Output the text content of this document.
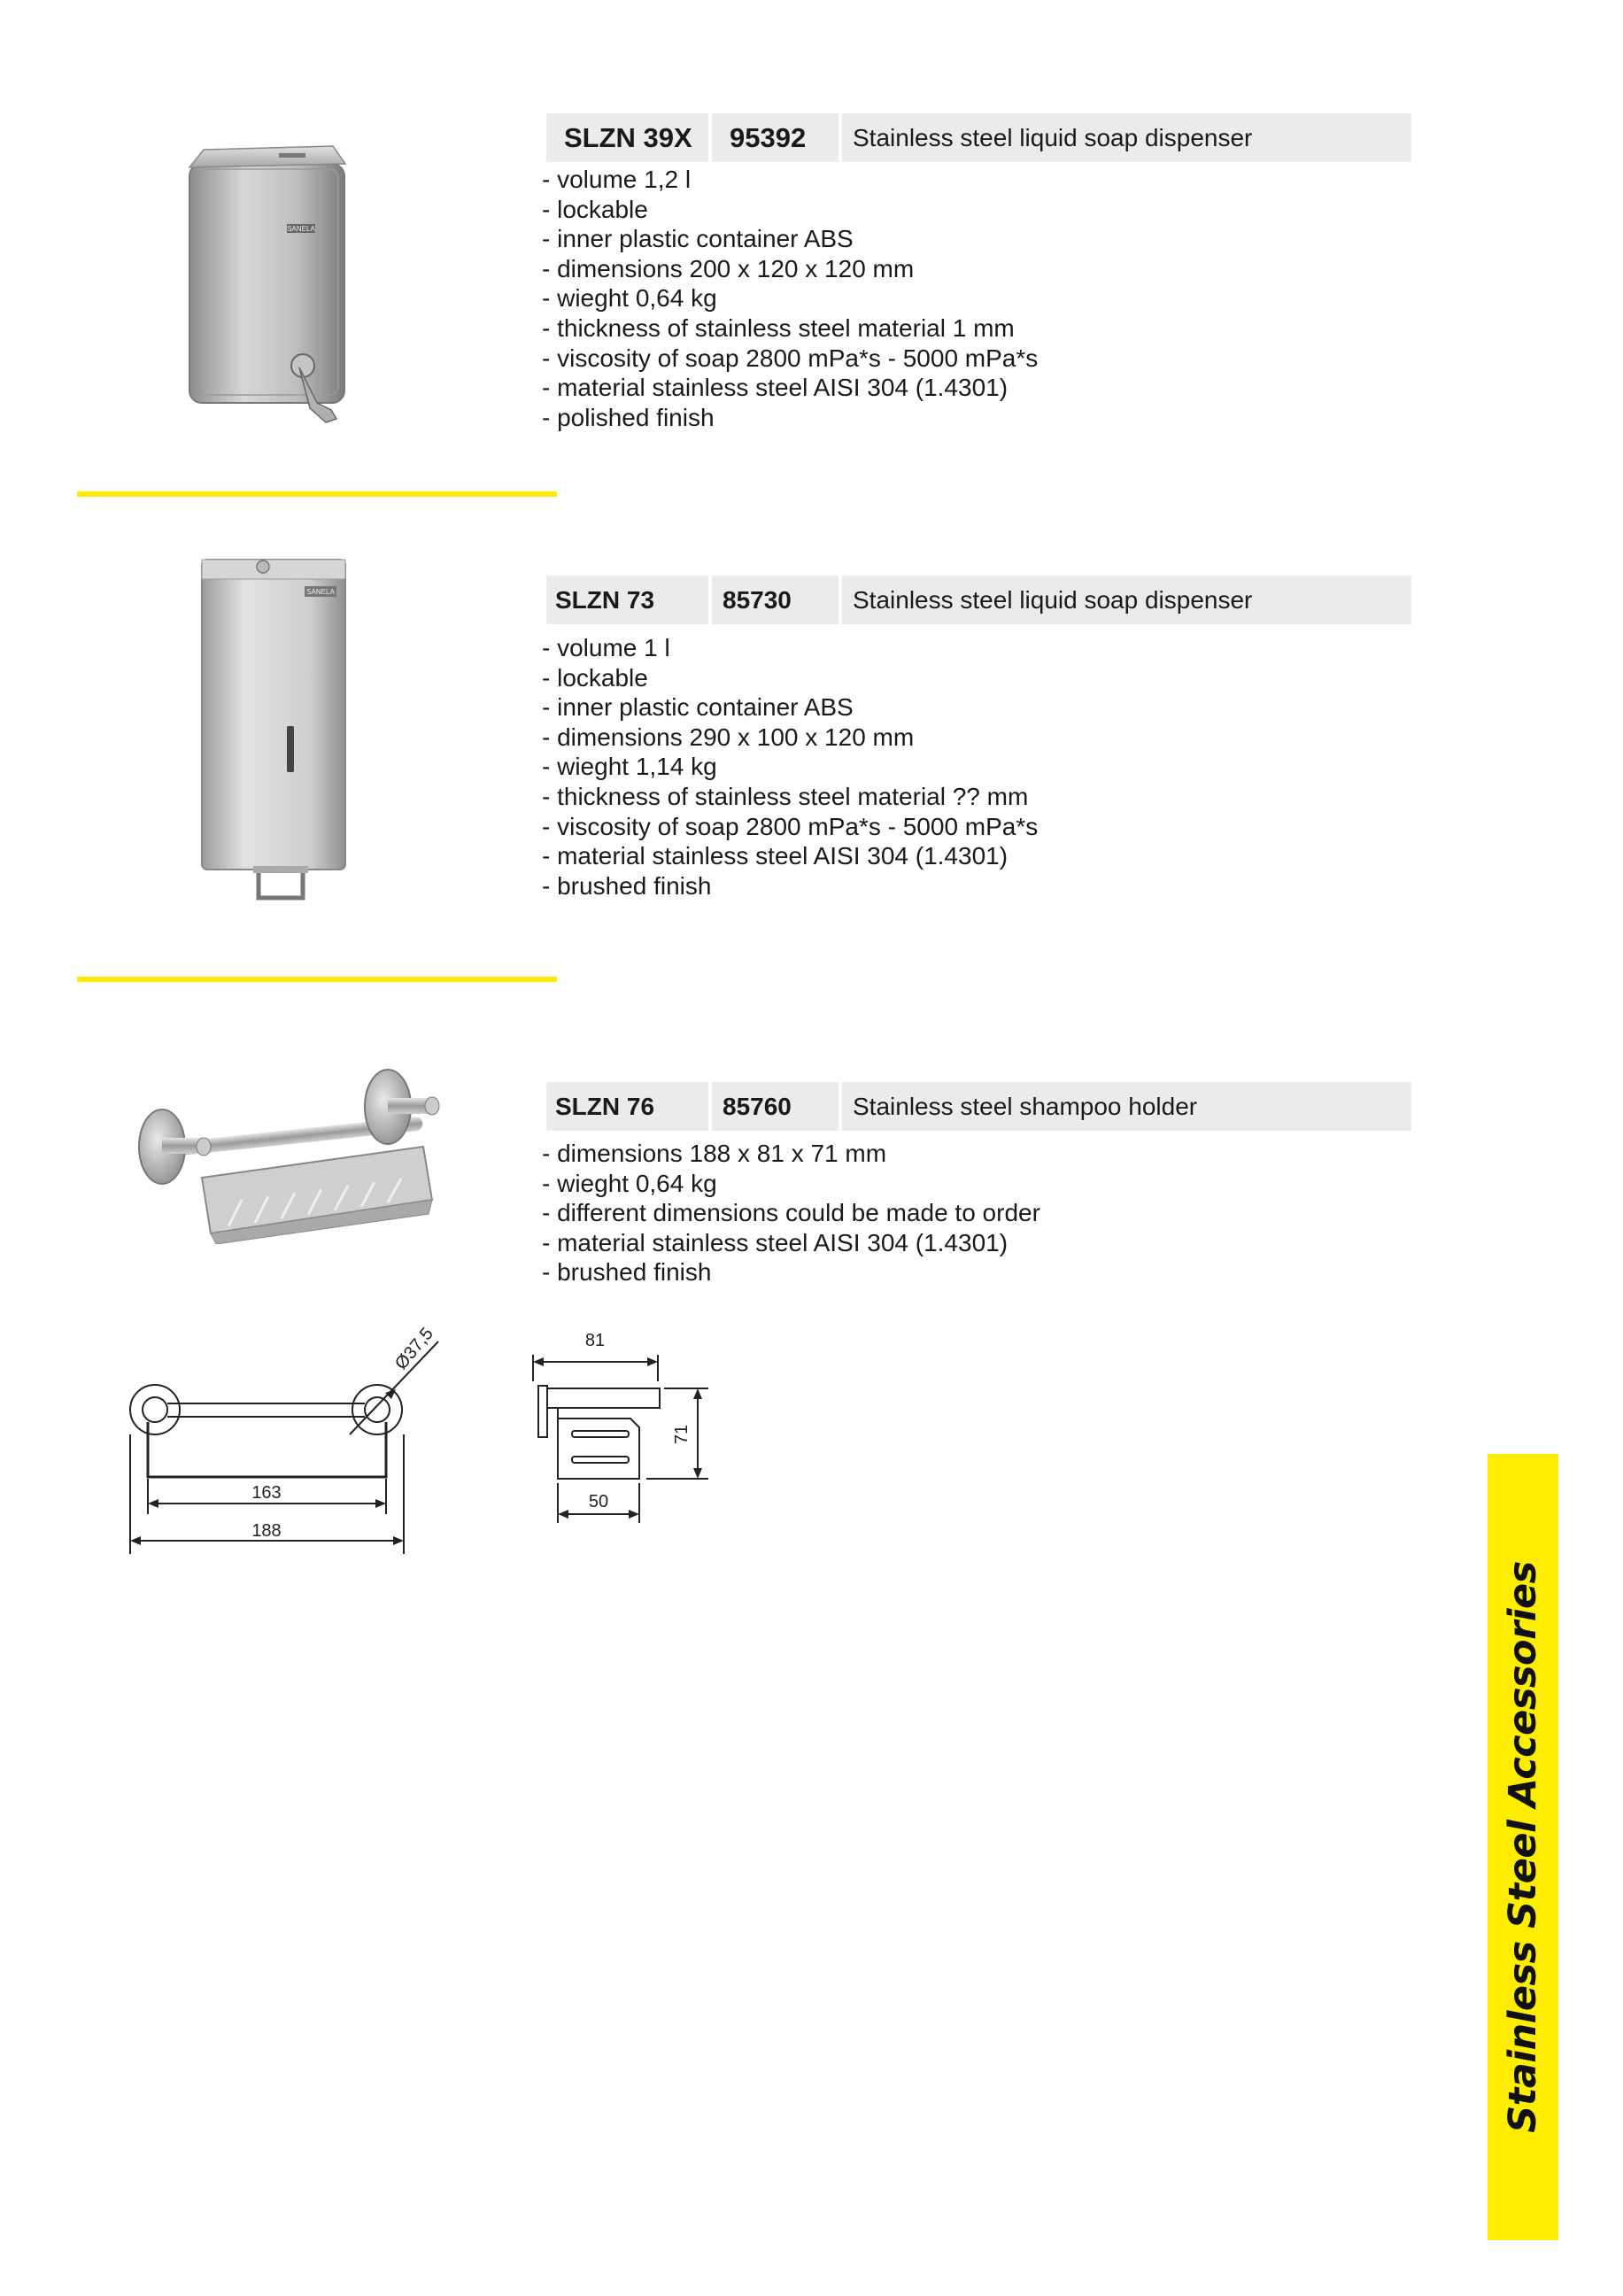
SANELA
SLZN 39X	95392	Stainless steel liquid soap dispenser
- volume 1,2 l
- lockable
- inner plastic container ABS
- dimensions 200 x 120 x 120 mm
- wieght 0,64 kg
- thickness of stainless steel material 1 mm
- viscosity of soap 2800 mPa*s - 5000 mPa*s
- material stainless steel AISI 304 (1.4301)
- polished finish
SANELA	SLZN 73	85730	Stainless steel liquid soap dispenser
- volume 1 l
- lockable
- inner plastic container ABS
- dimensions 290 x 100 x 120 mm
- wieght 1,14 kg
- thickness of stainless steel material ?? mm
- viscosity of soap 2800 mPa*s - 5000 mPa*s
- material stainless steel AISI 304 (1.4301)
- brushed finish
SLZN 76	85760	Stainless steel shampoo holder
- dimensions 188 x 81 x 71 mm
- wieght 0,64 kg
- different dimensions could be made to order
- material stainless steel AISI 304 (1.4301)
- brushed finish
163
188
Ø37,5	81
71
50
Stainless Steel Accessories
